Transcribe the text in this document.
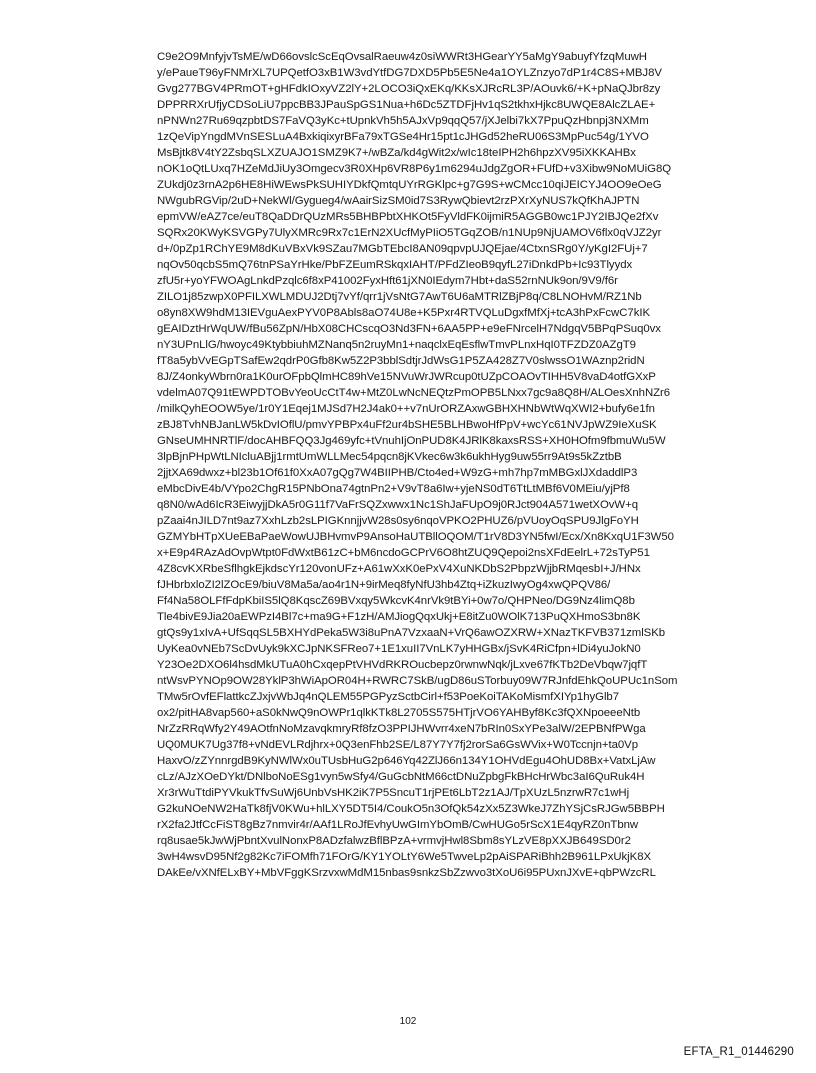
C9e2O9MnfyjvTsME/wD66ovslcScEqOvsalRaeuw4z0siWWRt3HGearYY5aMgY9abuyfYfzqMuwH
y/ePaueT96yFNMrXL7UPQetfO3xB1W3vdYtfDG7DXD5Pb5E5Ne4a1OYLZnzyo7dP1r4C8S+MBJ8V
Gvg277BGV4PRmOT+gHFdkIOxyVZ2lY+2LOCO3iQxEKq/KKsXJRcRL3P/AOuvk6/+K+pNaQJbr8zy
DPPRRXrUfjyCDSoLiU7ppcBB3JPauSpGS1Nua+h6Dc5ZTDFjHv1qS2tkhxHjkc8UWQE8AlcZLAE+
nPNWn27Ru69qzpbtDS7FaVQ3yKc+tUpnkVh5h5AJxVp9qqQ57/jXJelbi7kX7PpuQzHbnpj3NXMm
1zQeVipYngdMVnSESLuA4BxkiqixyrBFa79xTGSe4Hr15pt1cJHGd52heRU06S3MpPuc54g/1YVO
MsBjtk8V4tY2ZsbqSLXZUAJO1SMZ9K7+/wBZa/kd4gWit2x/wIc18teIPH2h6hpzXV95iXKKAHBx
nOK1oQtLUxq7HZeMdJiUy3Omgecv3R0XHp6VR8P6y1m6294uJdgZgOR+FUfD+v3Xibw9NoMUiG8Q
ZUkdj0z3rnA2p6HE8HiWEwsPkSUHIYDkfQmtqUYrRGKlpc+g7G9S+wCMcc10qiJEICYJ4OO9eOeG
NWgubRGVip/2uD+NekWl/Gygueg4/wAairSizSM0id7S3RywQbievt2rzPXrXyNUS7kQfKhAJPTN
epmVW/eAZ7ce/euT8QaDDrQUzMRs5BHBPbtXHKOt5FyVldFK0ijmiR5AGGB0wc1PJY2IBJQe2fXv
SQRx20KWyKSVGPy7UlyXMRc9Rx7c1ErN2XUcfMyPIiO5TGqZOB/n1NUp9NjUAMOV6flx0qVJZ2yr
d+/0pZp1RChYE9M8dKuVBxVk9SZau7MGbTEbcI8AN09qpvpUJQEjae/4CtxnSRg0Y/yKgI2FUj+7
nqOv50qcbS5mQ76tnPSaYrHke/PbFZEumRSkqxIAHT/PFdZIeoB9qyfL27iDnkdPb+Ic93Tlyydx
zfU5r+yoYFWOAgLnkdPzqlc6f8xP41002FyxHft61jXN0IEdym7Hbt+daS52rnNUk9on/9V9/f6r
ZILO1j85zwpX0PFILXWLMDUJ2Dtj7vYf/qrr1jVsNtG7AwT6U6aMTRlZBjP8q/C8LNOHvM/RZ1Nb
o8yn8XW9hdM13IEVguAexPYV0P8Abls8aO74U8e+K5Pxr4RTVQLuDgxfMfXj+tcA3hPxFcwC7kIK
gEAIDztHrWqUW/fBu56ZpN/HbX08CHCscqO3Nd3FN+6AA5PP+e9eFNrcelH7NdgqV5BPqPSuq0vx
nY3UPnLlG/hwoyc49KtybbiuhMZNanq5n2ruyMn1+naqclxEqEsflwTmvPLnxHqI0TFZDZ0AZgT9
fT8a5ybVvEGpTSafEw2qdrP0Gfb8Kw5Z2P3bblSdtjrJdWsG1P5ZA428Z7V0slwssO1WAznp2ridN
8J/Z4onkyWbrn0ra1K0urOFpbQlmHC89hVe15NVuWrJWRcup0tUZpCOAOvTIHH5V8vaD4otfGXxP
vdelmA07Q91tEWPDTOBvYeoUcCtT4w+MtZ0LwNcNEQtzPmOPB5LNxx7gc9a8Q8H/ALOesXnhNZr6
/milkQyhEOOW5ye/1r0Y1Eqej1MJSd7H2J4ak0++v7nUrORZAxwGBHXHNbWtWqXWI2+bufy6e1fn
zBJ8TvhNBJanLW5kDvIOflU/pmvYPBPx4uFf2ur4bSHE5BLHBwoHfPpV+wcYc61NVJpWZ9IeXuSK
GNseUMHNRTlF/docAHBFQQ3Jg469yfc+tVnuhIjOnPUD8K4JRlK8kaxsRSS+XH0HOfm9fbmuWu5W
3lpBjnPHpWtLNIcluABjj1rmtUmWLLMec54pqcn8jKVkec6w3k6ukhHyg9uw55rr9At9s5kZztbB
2jjtXA69dwxz+bl23b1Of61f0XxA07gQg7W4BIIPHB/Cto4ed+W9zG+mh7hp7mMBGxlJXdaddlP3
eMbcDivE4b/VYpo2ChgR15PNbOna74gtnPn2+V9vT8a6Iw+yjeNS0dT6TtLtMBf6V0MEiu/yjPf8
q8N0/wAd6IcR3EiwyjjDkA5r0G11f7VaFrSQZxwwx1Nc1ShJaFUpO9j0RJct904A571wetXOvW+q
pZaai4nJILD7nt9az7XxhLzb2sLPIGKnnjjvW28s0sy6nqoVPKO2PHUZ6/pVUoyOqSPU9JlgFoYH
GZMYbHTpXUeEBaPaeWowUJBHvmvP9AnsoHaUTBllOQOM/T1rV8D3YN5fwI/Ecx/Xn8KxqU1F3W50
x+E9p4RAzAdOvpWtpt0FdWxtB61zC+bM6ncdoGCPrV6O8htZUQ9Qepoi2nsXFdEelrL+72sTyP51
4Z8cvKXRbeSflhgkEjkdscYr120vonUFz+A61wXxK0ePxV4XuNKDbS2PbpzWjjbRMqesbI+J/HNx
fJHbrbxloZI2lZOcE9/biuV8Ma5a/ao4r1N+9irMeq8fyNfU3hb4Ztq+iZkuzIwyOg4xwQPQV86/
Ff4Na58OLFfFdpKbiIS5lQ8KqscZ69BVxqy5WkcvK4nrVk9tBYi+0w7o/QHPNeo/DG9Nz4limQ8b
Tle4bivE9Jia20aEWPzI4Bl7c+ma9G+F1zH/AMJiogQqxUkj+E8itZu0WOlK713PuQXHmoS3bn8K
gtQs9y1xIvA+UfSqqSL5BXHYdPeka5W3i8uPnA7VzxaaN+VrQ6awOZXRW+XNazTKFVB371zmlSKb
UyKea0vNEb7ScDvUyk9kXCJpNKSFReo7+1E1xuII7VnLK7yHHGBx/jSvK4RiCfpn+lDi4yuJokN0
Y23Oe2DXO6l4hsdMkUTuA0hCxqepPtVHVdRKROucbepz0rwnwNqk/jLxve67fKTb2DeVbqw7jqfT
ntWsvPYNOp9OW28YklP3hWiApOR04H+RWRC7SkB/ugD86uSTorbuy09W7RJnfdEhkQoUPUc1nSom
TMw5rOvfEFlattkcZJxjvWbJq4nQLEM55PGPyzSctbCirl+f53PoeKoiTAKoMismfXIYp1hyGlb7
ox2/pitHA8vap560+aS0kNwQ9nOWPr1qlkKTk8L2705S575HTjrVO6YAHByf8Kc3fQXNpoeeeNtb
NrZzRRqWfy2Y49AOtfnNoMzavqkmryRf8fzO3PPIJHWvrr4xeN7bRIn0SxYPe3alW/2EPBNfPWga
UQ0MUK7Ug37f8+vNdEVLRdjhrx+0Q3enFhb2SE/L87Y7Y7fj2rorSa6GsWVix+W0Tccnjn+ta0Vp
HaxvO/zZYnnrgdB9KyNWlWx0uTUsbHuG2p646Yq42ZlJ66n134Y1OHVdEgu4OhUD8Bx+VatxLjAw
cLz/AJzXOeDYkt/DNlboNoESg1vyn5wSfy4/GuGcbNtM66ctDNuZpbgFkBHcHrWbc3aI6QuRuk4H
Xr3rWuTtdiPYVkukTfvSuWj6UnbVsHK2iK7P5SncuT1rjPEt6LbT2z1AJ/TpXUzL5nzrwR7c1wHj
G2kuNOeNW2HaTk8fjV0KWu+hlLXY5DT5I4/CoukO5n3OfQk54zXx5Z3WkeJ7ZhYSjCsRJGw5BBPH
rX2fa2JtfCcFiST8gBz7nmvir4r/AAf1LRoJfEvhyUwGImYbOmB/CwHUGo5rScX1E4qyRZ0nTbnw
rq8usae5kJwWjPbntXvulNonxP8ADzfalwzBflBPzA+vrmvjHwl8Sbm8sYLzVE8pXXJB649SD0r2
3wH4wsvD95Nf2g82Kc7iFOMfh71FOrG/KY1YOLtY6We5TwveLp2pAiSPARiBhh2B961LPxUkjK8X
DAkEe/vXNfELxBY+MbVFggKSrzvxwMdM15nbas9snkzSbZzwvo3tXoU6i95PUxnJXvE+qbPWzcRL
102
EFTA_R1_01446290
